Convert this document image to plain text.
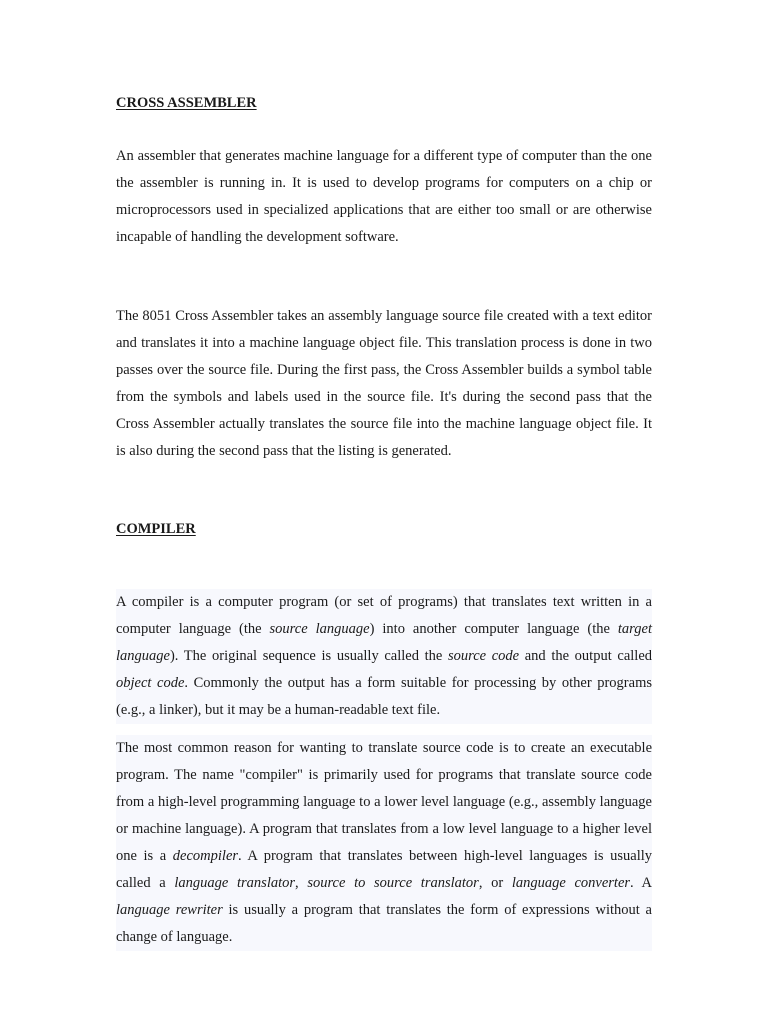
CROSS ASSEMBLER

An assembler that generates machine language for a different type of computer than the one the assembler is running in. It is used to develop programs for computers on a chip or microprocessors used in specialized applications that are either too small or are otherwise incapable of handling the development software.

The 8051 Cross Assembler takes an assembly language source file created with a text editor and translates it into a machine language object file. This translation process is done in two passes over the source file. During the first pass, the Cross Assembler builds a symbol table from the symbols and labels used in the source file. It's during the second pass that the Cross Assembler actually translates the source file into the machine language object file. It is also during the second pass that the listing is generated.

COMPILER

A compiler is a computer program (or set of programs) that translates text written in a computer language (the source language) into another computer language (the target language). The original sequence is usually called the source code and the output called object code. Commonly the output has a form suitable for processing by other programs (e.g., a linker), but it may be a human-readable text file.

The most common reason for wanting to translate source code is to create an executable program. The name "compiler" is primarily used for programs that translate source code from a high-level programming language to a lower level language (e.g., assembly language or machine language). A program that translates from a low level language to a higher level one is a decompiler. A program that translates between high-level languages is usually called a language translator, source to source translator, or language converter. A language rewriter is usually a program that translates the form of expressions without a change of language.
